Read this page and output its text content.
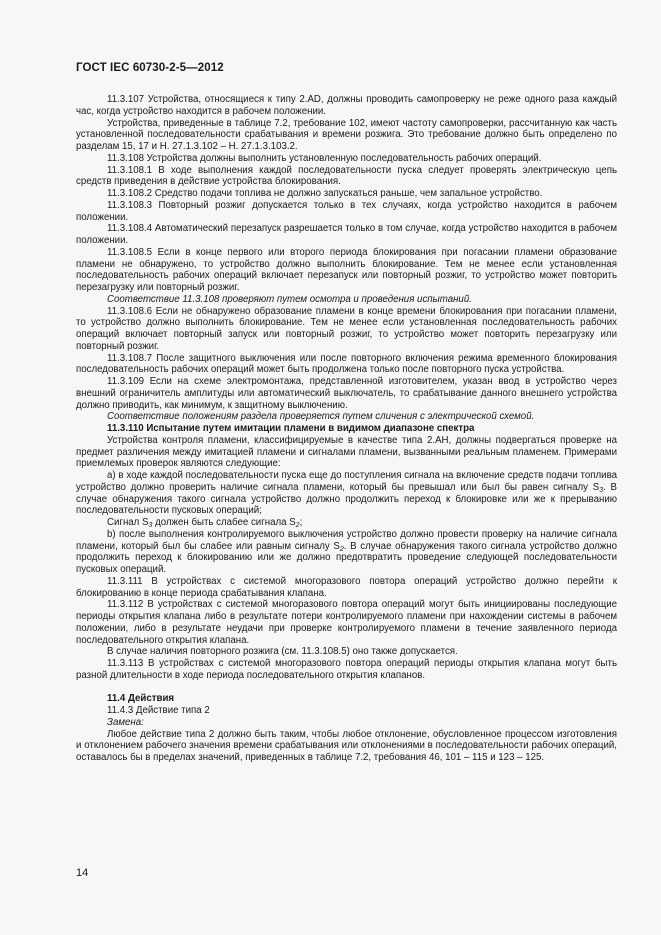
ГОСТ IEC 60730-2-5—2012

11.3.107 Устройства, относящиеся к типу 2.AD, должны проводить самопроверку не реже одного раза каждый час, когда устройство находится в рабочем положении.

Устройства, приведенные в таблице 7.2, требование 102, имеют частоту самопроверки, рассчитанную как часть установленной последовательности срабатывания и времени розжига. Это требование должно быть определено по разделам 15, 17 и Н. 27.1.3.102 – Н. 27.1.3.103.2.

11.3.108 Устройства должны выполнить установленную последовательность рабочих операций.

11.3.108.1 В ходе выполнения каждой последовательности пуска следует проверять электрическую цепь средств приведения в действие устройства блокирования.

11.3.108.2 Средство подачи топлива не должно запускаться раньше, чем запальное устройство.

11.3.108.3 Повторный розжиг допускается только в тех случаях, когда устройство находится в рабочем положении.

11.3.108.4 Автоматический перезапуск разрешается только в том случае, когда устройство находится в рабочем положении.

11.3.108.5 Если в конце первого или второго периода блокирования при погасании пламени образование пламени не обнаружено, то устройство должно выполнить блокирование. Тем не менее если установленная последовательность рабочих операций включает перезапуск или повторный розжиг, то устройство может повторить перезагрузку или повторный розжиг.

Соответствие 11.3.108 проверяют путем осмотра и проведения испытаний.

11.3.108.6 Если не обнаружено образование пламени в конце времени блокирования при погасании пламени, то устройство должно выполнить блокирование. Тем не менее если установленная последовательность рабочих операций включает повторный запуск или повторный розжиг, то устройство может повторить перезагрузку или повторный розжиг.

11.3.108.7 После защитного выключения или после повторного включения режима временного блокирования последовательность рабочих операций может быть продолжена только после повторного пуска устройства.

11.3.109 Если на схеме электромонтажа, представленной изготовителем, указан ввод в устройство через внешний ограничитель амплитуды или автоматический выключатель, то срабатывание данного внешнего устройства должно приводить, как минимум, к защитному выключению.

Соответствие положениям раздела проверяется путем сличения с электрической схемой.

11.3.110 Испытание путем имитации пламени в видимом диапазоне спектра

Устройства контроля пламени, классифицируемые в качестве типа 2.АН, должны подвергаться проверке на предмет различения между имитацией пламени и сигналами пламени, вызванными реальным пламенем. Примерами приемлемых проверок являются следующие:

a) в ходе каждой последовательности пуска еще до поступления сигнала на включение средств подачи топлива устройство должно проверить наличие сигнала пламени, который бы превышал или был бы равен сигналу $S_3$. В случае обнаружения такого сигнала устройство должно продолжить переход к блокировке или же к прерыванию последовательности пусковых операций;

Сигнал $S_3$ должен быть слабее сигнала $S_2$;

b) после выполнения контролируемого выключения устройство должно провести проверку на наличие сигнала пламени, который был бы слабее или равным сигналу $S_2$. В случае обнаружения такого сигнала устройство должно продолжить переход к блокированию или же должно предотвратить проведение следующей последовательности пусковых операций.

11.3.111 В устройствах с системой многоразового повтора операций устройство должно перейти к блокированию в конце периода срабатывания клапана.

11.3.112 В устройствах с системой многоразового повтора операций могут быть инициированы последующие периоды открытия клапана либо в результате потери контролируемого пламени при нахождении системы в рабочем положении, либо в результате неудачи при проверке контролируемого пламени в течение заявленного периода последовательного открытия клапана.

В случае наличия повторного розжига (см. 11.3.108.5) оно также допускается.

11.3.113 В устройствах с системой многоразового повтора операций периоды открытия клапана могут быть разной длительности в ходе периода последовательного открытия клапанов.

11.4 Действия

11.4.3 Действие типа 2

Замена:

Любое действие типа 2 должно быть таким, чтобы любое отклонение, обусловленное процессом изготовления и отклонением рабочего значения времени срабатывания или отклонениями в последовательности рабочих операций, оставалось бы в пределах значений, приведенных в таблице 7.2, требования 46, 101 – 115 и 123 – 125.

14
